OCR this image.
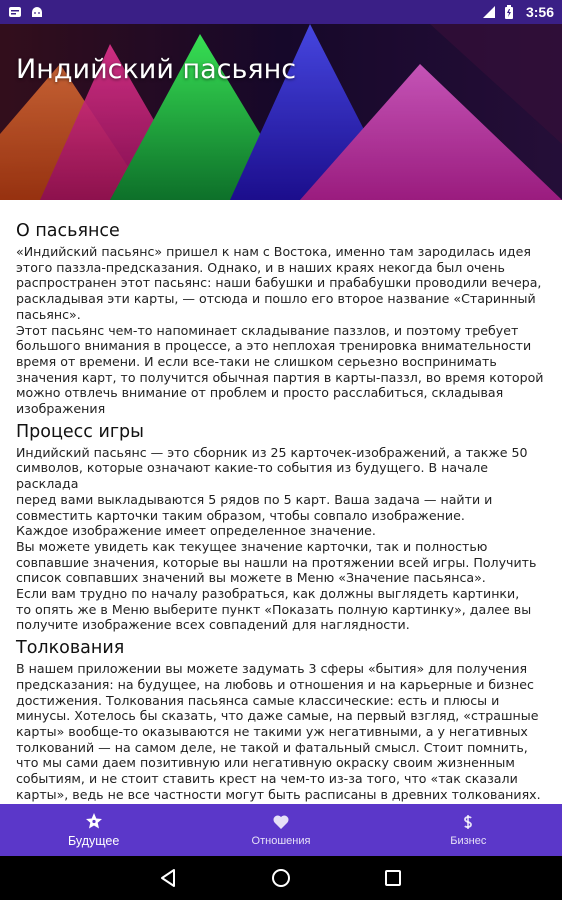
3:56
Индийский пасьянс
О пасьянсе
«Индийский пасьянс» пришел к нам с Востока, именно там зародилась идея
этого паззла-предсказания. Однако, и в наших краях некогда был очень
распространен этот пасьянс: наши бабушки и прабабушки проводили вечера,
раскладывая эти карты, — отсюда и пошло его второе название «Старинный
пасьянс».
Этот пасьянс чем-то напоминает складывание паззлов, и поэтому требует
большого внимания в процессе, а это неплохая тренировка внимательности
время от времени. И если все-таки не слишком серьезно воспринимать
значения карт, то получится обычная партия в карты-паззл, во время которой
можно отвлечь внимание от проблем и просто расслабиться, складывая
изображения
Процесс игры
Индийский пасьянс — это сборник из 25 карточек-изображений, а также 50
символов, которые означают какие-то события из будущего. В начале расклада
перед вами выкладываются 5 рядов по 5 карт. Ваша задача — найти и
совместить карточки таким образом, чтобы совпало изображение.
Каждое изображение имеет определенное значение.
Вы можете увидеть как текущее значение карточки, так и полностью
совпавшие значения, которые вы нашли на протяжении всей игры. Получить
список совпавших значений вы можете в Меню «Значение пасьянса».
Если вам трудно по началу разобраться, как должны выглядеть картинки,
то опять же в Меню выберите пункт «Показать полную картинку», далее вы
получите изображение всех совпадений для наглядности.
Толкования
В нашем приложении вы можете задумать 3 сферы «бытия» для получения
предсказания: на будущее, на любовь и отношения и на карьерные и бизнес
достижения. Толкования пасьянса самые классические: есть и плюсы и
минусы. Хотелось бы сказать, что даже самые, на первый взгляд, «страшные
карты» вообще-то оказываются не такими уж негативными, а у негативных
толкований — на самом деле, не такой и фатальный смысл. Стоит помнить,
что мы сами даем позитивную или негативную окраску своим жизненным
событиям, и не стоит ставить крест на чем-то из-за того, что «так сказали
карты», ведь не все частности могут быть расписаны в древних толкованиях.

Будущее	Отношения	Бизнес
